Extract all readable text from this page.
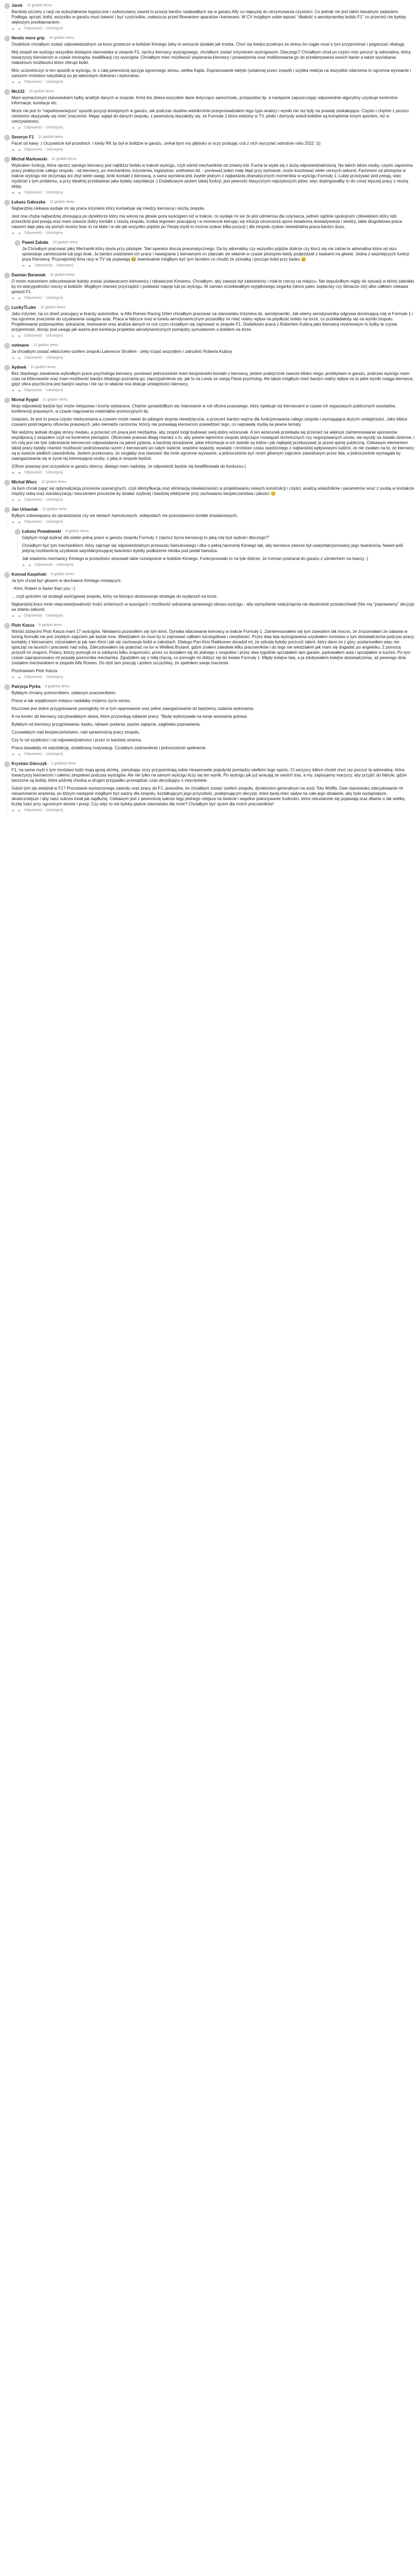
Jarek · 11 godzin temu

Bardziej szczery z racji na wykształcenie logistyczne i wykonywany zawód to proszę bardzo nadawałbym się w garażu Alfy co najwyżej do utrzymywania czystości. Co jednak nie jest takim banalnym zadaniem. Podłoga, sprzęt, bolid, wszystko w garażu musi świecić i być czyściutkie, zwłaszcza przed filowaniem aparatów i kamerami. W CV mógłbym sobie wpisać "dbałość o aerodynamikę bolidu F1" co przecież nie byłoby większym przekłamaniem.

Odpowiedz Udostępnij
Needs more grip · 10 godzin temu

Osobiście chciałbym zostać odpowiedzialnym za koce grzewcze w bolidzie Kimiego żeby to wreszcie działało jak trzeba. Choć się kiedys przekręci ze stresu bo ciągle musi o tym przypominać i pogarszać obsługę.

Mój zespół we wyścigu wszystkie dostępne stanowiska w zespole F1, oprócz kierowcy wyścigowego, chciałbym zostać inżynierem wyścigowym. Dlaczego? Chciałbym chod po części móc poczuć tę adrenalinę, którą towarzyszy kierowcom w czasie treningów, kwalifikacji czy wyścigów. Chciałbym mieć możliwość wspierania kierowcy i prowadzenia oraz mobilizowania go do przełamywania swoich barier a także wyciskania maksimum możliwości które oferuje bolid.

Móc uczestniczyć w ten sposób w wyścigu, to z całą pewnością sprzyja ogromnego stresu, wielka frajda. Dopracowanie taktyki (ustalonej przez zespół) i szybka reakcja na wszystkie zdarzenia to ogromna wyzwanie i zarazem mnóstwo satysfakcji po jej właściwym dobraniu i wykonaniu.

Odpowiedz Udostępnij
Mo132 · 10 godzin temu

Mam wymarzonym stanowiskiem byłby analityk danych w zespole. Kimś kto zbiera wszystkie dane dotyczące samochodu, przejazdów itp. a następnie zapuszczając odpowiednie algorytmy uzyskuje konkretne informacje, korelacje etc.

Może nie jest to "najseksowniejsza" sposób pozycji dostępnych w garażu, ale podczas studiów wielokrotnie przeprowadzałem tego typu analizy i wyniki nie raz były na prawdę zaskakujące. Często i chętnie z pozoru nieistotne okazywały się mieć znaczenie. Mając wgląd do danych zespołu, z pewnością okazałoby się, że Formuła 1 która widzimy w TV, plotki i domysły wokół bolidów są kompletnie innym sportem, niż w rzeczywistości.

Odpowiedz Udostępnij
Severyn F1 · 11 godzin temu

Facet od kawy :) Oczywiście kół przednich. I kiedy RK by był w bolidzie w garażu, zerkał bym mu głęboko w oczy probując coś z nich wyczytać odnośnie roku 2022 :)))

Odpowiedz Udostępnij
Michał Markowski · 11 godzin temu

Wybrałem funkcję, która oprócz samego kierowcy jest najbliższ bolidu w trakcie wyścigu, czyli wśród mechaników od zmiany kół. Fucha ta wyda się z dużą odpowiedzialnością. Na takich także osoby, często zapomina pracy praktycznie całego zespołu - od kierowcy, po mechaników, inżynierów, logistyków, szefostwo itd. - poniewaź jeden mały błąd przy wymianie, może kosztować wiele cennych sekund. Fachmeni od pitstopów w trakcie wyścigu nie otrzymają ani zbyt wiele uwagi, kinki kontakt z kierowcą, a sama wymiana jest zwykle jednym z najbardziej dramatycznych momentów w wyścigu Formuły 1. Lubię przeżywać pod presją, więc myśliciel z tym problemu, a przy idealnej przeklaskan jaka byłaby satysfakcja :) Dodatkowym atutem takiej funkcji, jest pewność klasycznym najszybszych pitów, więc dopingowałby to do coraz lepszej pracy z resztą ekipy.

Odpowiedz Udostępnij
Łukasz Gałuszka · 11 godzin temu

Najbardziej ciekawa wydaje mi się praca inżyniera który kontaktuje się miedzy kierowcą i resztą zespołu.

Jest ona chyba najbardziej stresująca po dyrektorze który ma wiecej na głowie poza wyscigiem niż w trakcie, co wydaje mi sie że jest odmienna dla rutyniarza, jedneri ogólnie spokojnym człowiekiem który lubi przeszkód pod presją oraz mam zawsze dobry kontakt z resztą zespołu, trzeba tegowiec pracującej i w momencie kierując się intuicja otrzeciorza spora świadoma dowiadywania i wiedzy, takie dlugofalowa praca nawzeri daje jaka się pomyli musisz brac to na klate i w ale jak wszystko pójdzie po Twojej myśli to można zyskac kilka pozycji ( dla zespołu zyskac niewidzialna praca bardzo duzo.

Odpowiedz Udostępnij
Paweł Zabała · 10 godzin temu

Ja Chciałbym pracować jako Mechanik który dosta przy pitstopie. Taki operator klucza pneumatycznego. Da by adrenaliny czy wszystko pójdzie dobrze czy klucz się nie zatnie te adrenalina która od razu spowoduje zamieszanie lub jego brak. Ja bardzo podziwiam ich pracę i nawiązania z kierowcami co zdarzało sie właśnie w czasie pitstopów kiedy podjeżdżali z kaskami na głowie. Jedna z ważniejszych funkcji poza Kierowcą. Przynajmniej 6ma razy w TV się pojawiają 😂 ewentualnie mógłbym być tym facetem co chodzi że szmatką i poczuje bolid przy kasku 😄

Odpowiedz Udostępnij
Damian Baraniak · 11 godzin temu

O moim marzeniem zdecydowanie byłoby zostać podawaczem kierownicy i rękawiczek Kimiemu. Chciałbym, aby zawsze był zadowolony i miał te rzeczy na miejscu. Nie dopuściłbym nigdy do sytuacji w której zabrakło by mi wiarygodności rzeczy w bolidzie. Mógłbym również przyrządzić i podawać napoje lub po wyścigu. W zamian oczekiwałbym wyjątkowego zegarka (skoro palec zapłaciwy czy ślimacze niż) albo całkiem ciekawa gwiazd F1.

Odpowiedz Udostępnij
LuckyTLuke · 11 godzin temu

Jako inżynier, na co dzień pracujący w branży automotive, w Alfa Romeo Racing Orlen chciałbym pracować na stanowisku Inżyniera ds. aerodynamiki. Jak wiemy aerodynamika odgrywa dominującą rolę w Formule 1 i ma ogromne znaczenie do uzyskiwania osiągów auta. Praca w fabryce oraz w tunelu aerodynamicznym pozwoliłby mi mieć realny wpływ na prędkość bolidu na torze, co przekładałoby się na wyniki zespołu. Projektowanie podzespołów, wdrażanie, testowanie oraz analiza danych to coś czym chciałbym się zajmować w zespole F1. Dodatkowo praca z Robertem Kubicą jako kierowcą rezerwowym to byłby ta czysta przyjemność, biorąc pod uwagę jak ważna jest korelacja projektów aerodynamicznych pomiędzy symulatorem a bolidem na torze.

Odpowiedz Udostępnij
notmane · 11 godzin temu

Ja chciałbym zostać właścicielo-szefem zespołu Lawrence Strollem - żeby trząść wszystkim i zatrudnić Roberta Kubicę

Odpowiedz Udostępnij
Aydeek · 11 godzin temu

Bez zbędnego zawahania wybrałbym prace psychologa kierowcy, ponieważ jednocześnie mam bezpośredni kontakt z kierowcą, jestem praktycznie zawsze blisko niego, przebywam w garażu, podczas wyścigu mam czas na kibicowanie oraz mam możliwość bardzo bliskiego poznania go; zaprzyjaźnienia się, jak to na Lewis ze swoją Pania psycholog. Ale także mógłbym mieć bardzo realny wpływ na to jakie wyniki osiąga kierowca, gdyż sfera psychiczna jest bardzo ważna i nie raz to właśnie ona blokuje umiejętności kierowcy.

Odpowiedz Udostępnij
Michał Rygiel · 11 godzin temu

Moja odpowiedź będzie być może nietypowa i trochę wybiarana. Chętnie sprawdziłbym się mianowicie w roli oficera prasowego, który opiekuje się kierowcami w czasie ich wyjazowych publicznych wywiadów, konferencji prasowych, w czasie nagrywania materiałów promocyjnych itp.

Uważam, że jest to praca często niedoceniana a czasem może nawet do jakiegoś stopnia niewdzięczna, a przecież bardzo ważna dla funkcjonowania całego zespołu i wymagająca dużych umiejętności. Jako kibice czasami postrzegamy oficerów prasowych, jako niemalże cenzorów, którzy nie pozwalają kierowcom powiedzieć tego, co naprawdę myślą na pewne tematy.

Nie widzimy jednak drugiej strony medalu, a przecież ich praca jest niezbędna, aby zespół mógł budować swój dobry wizerunek. A ten wizerunek przekłada się przecież na większe zainteresowanie sponsorów współpracą z zespołem czyli na konkretne pieniądze. Oficerowie prasowi dbają również o to, aby pewne tajemnice zespołu dotyczące rozwiązań technicznych czy negocjowanych umów, nie wyszły na światło dzienne, i ich rolą jest nie tyle zabranianie kierowcom odpowiadania na jakieś pytania, a bardziej doradzanie, jakie informacje w ich świetle są trafne i jak najlepiej przekazywać je przed opinię publiczną. Ciekawym elementem takiej pracy byłaby również możliwość podróżowania razem z kierowcami po całym świecie, wspólne wyjazdy, wywiady i mnóstwo czasu spędzonego z najbardziej wpływowymi ludźmi, ze nie zwalam na to, że kierowcy są w świecie wielkich zawodników. Jestem przekonany, że mogłaby ona stanowić dla mnie ogromne wyzwanie, a jednocześnie być moim głównym zajęciem zawodowym przez lata, a jednocześnie wymagała by zaangażowania się w życie tej interesującej osoby, z jaką w zespole będzie.

(Oficer prasowy jest oczywiście w garażu obecny, dlatego mam nadzieję, że odpowiedź będzie się kwalifikowała do konkursu.)

Odpowiedz Udostępnij
Michał Wierz · 11 godzin temu

Ja bym chciał zająć się optymalizacją procesów operacyjnych, czyli identyfikacją oraz eliminacją niewłaściwości w projektowaniu nowych konstrukcji i części, analizą wskaźników i parametrów wraz z osobą w kontakcie między sobą oraz standaryzacją i tworzeniem procesów by działać szybciej i bardziej efektywnie przy zachowaniu bezpieczeństwa i jakości 😊

Odpowiedz Udostępnij
Jan Urbaniak · 11 godzin temu

Byłbym zobowiązany do sprawdzania czy we wlotach hamulcowych, sidepodach nie pozostawiono torebki śniadaniowych.

Odpowiedz Udostępnij
Łukasz Powałowski · 9 godzin temu

Gdybym mógł wybrać dla siebie jedną prace w garażu zespołu Formuły 1 (oprócz bycia kierowcą) to jaką rolę byś wybrał i dlaczego?"

Chciałbym być tym mechanikiem, który zajmuje się odpowiedzialnym przewodu hamulcowego i dba o pełną harmonię Kimiego tak, aby kierowca zawsze był usatysfakcjonowany jego twardością. Nawet jeśli jedyną możliwością uzyskania satysfakcjonującej twardości byłoby podłożenie nitotka pod pedał hamulca.

Jak wiadomo mechanicy Kimiego w przeszłości stosowali takie rozwiązanie w bolidzie Kimiego. Funkcjonowało to na tyle dobrze, że Iceman powracał do garażu z uśmiechem na twarzy :)

Odpowiedz Udostępnij
Konrad Karpiński · 9 godzin temu

Ja tym chciał być głosem w słuchawce Kimiego mówiącym:

- Kimi, Robert is faster than you ;-)

... czyli gościem od strategii wyścigowej zespołu, który na bieżąco dostosowuje strategię do wydarzeń na torze.

Najbardziej kręci mnie nieprzewidywalność trości zmiennych w wyscigach i możliwość wdrażania sprawnego obrazu wyścigu - aby wymyślanie nadużciąrnia nie dwukrotnie przesłuchiwali (Nie ma "poprawiamy" decyzje sa zdaniu sekund.

Odpowiedz Udostępnij
Piotr Kasza · 9 godzin temu

Wśród zdzięcimi Piotr Kasza mam 17 wyścigów. Niedawno pozwoliłem się tym kimś. Dyniaka kibicowanie kierowcy w trakcie Formuły 1. Zainteresowałem się tym zawodem tak mocno, że zrozumiałam że zabawa w tuning formułki nie jest zwykłym zajęciem jak każde inne. Wiedziałem że musi by to zajmować całkiem szczegółowa i cierpliwość. Przez dwa lata wyścigowania uzyskałem mnóstwo o tym doświadczenia podczas pracy, kontakty z kierowcami, rozumiałem je jak sam Kimi i jak się zachowuje bolid w zakrętach. Dlatego Pan Kimi Raikkonen doradził mi, że szkoda byłoby porzucić talent, który dano mi z góry, postanowiłem więc nie spocząć na laurach i pracować nad sobą. Zdecydowałem się pojechać na tor w Wielkiej Brytanii, gdzie znałem zaledwie kilku pracowników i do tego nie wiedziałem jak mam się dogadać po angielsku. Z pomocą przyszli mi znajomi, Polacy, którzy pomogli mi w zdobyciu kilku znajomości, przez co dostałem się do jednego z zespołów i przez dwa tygodnie sprzątałem tam garaże, parkowałem auta i sprzątałem w kuchni. Po tym czasie zaproponowano mi posadę pomocnika mechanika. Zgodziłem się z miłą chęcią, co pomogło mi zbliżyć się do świata Formuły 1. Mijały kolejne lata, a ja zdobywałem kolejne doświadczenia, aż pewnego dnia zostałem mechanikiem w zespole Alfa Romeo. Do dziś tam pracuję i jestem szczęśliwy, że spełniłem swoje marzenie.

Pozdrawiam Piotr Kasza

Odpowiedz Udostępnij
Patrycja Pyrka · 3 godziny temu

Byłabym chciany pomocnikiem, oddanym pracownikiem.

Praca w tak wyjątkowym miejscu nadałaby mojemu życiu sensu.

Kluczowe jest dobre przygotowanie pomogłoby mi w tym opanowanie oraz pełne zaangażowanie do będziemy zadania wykonania.

A na koniec do kierowcy zacytowałabym słowa, które przywołują oddanie pracy: "Będę wykonywała na twoje wezwania gotowa.

Byłabym od kierowcy przygotowania: kasku, rękawic podania, pasów zapięcia, zagłówka poprawiania.

Czuwałabym nad bezpieczeństwem, nad sprawnością pracy zespołu.

Czy to od szybkości i od odpowiedzialności i przez to bardziej stranna.

Praca dawałaby mi satysfakcję, dodatkową motywację. Czułabym zadowolenie i jednocześnie spełnienie.

Odpowiedz Udostępnij
Krystian Gierczyk · 2 godziny temu

F1, na sama myśl o tym mnóstwo ludzi mają gęsią skórkę, zamykając oczy przypominają sobie niesamowite pojedynki pomiędzy wielkimi tego sportu. Ci wszyscy kibice chcieli choć raz poczuć tę adrenalinę, która towarzyszy kierowcom i całemu zespołowi podczas wyścigów. Ale nie tylko na samym wyścigu liczy się ten wynik. Po wyścigu jak już wracają ze swoich tras, a my, zapisujemy marzycy, aby przyjść do fabryki, gdzie tworzone są bolidy, które później chodzą w drugim przypadku przesądzać czas decydujący o zwycięstwie.

Gdzie tym się wiedział w F1? Pozostanie wymarzonego zawodu oraz pracy do F1, powodów, że chciałbym zostać szefem zespołu, dyrektorem generalnym na wzór Toto Wolffa. Owe stanowisko zdecydowanie mi niesamowicie wrażenia, po którym następne mógłbym być ważny dla zespołu, kształtującym jego przyszłość, podejmującym decyzje, które będą mieć wpływ na całe jego działanie, aby było wydajniejsze, skuteczniejsze i aby nasz sukces trwał jak najdłużej. Ciekawym jest z pewnością sukces tego jednego miejsca na świecie i wspólne pokonywanie trudności, które nieustannie się pojawiają oraz dbanie o tak wielką liczbę ludzi przy ogromnym stresie i presji. Czy więc to nie byłoby piękne stanowisko dla mnie? Chciałbym być ojcem dla moich pracowników!

Odpowiedz Udostępnij
